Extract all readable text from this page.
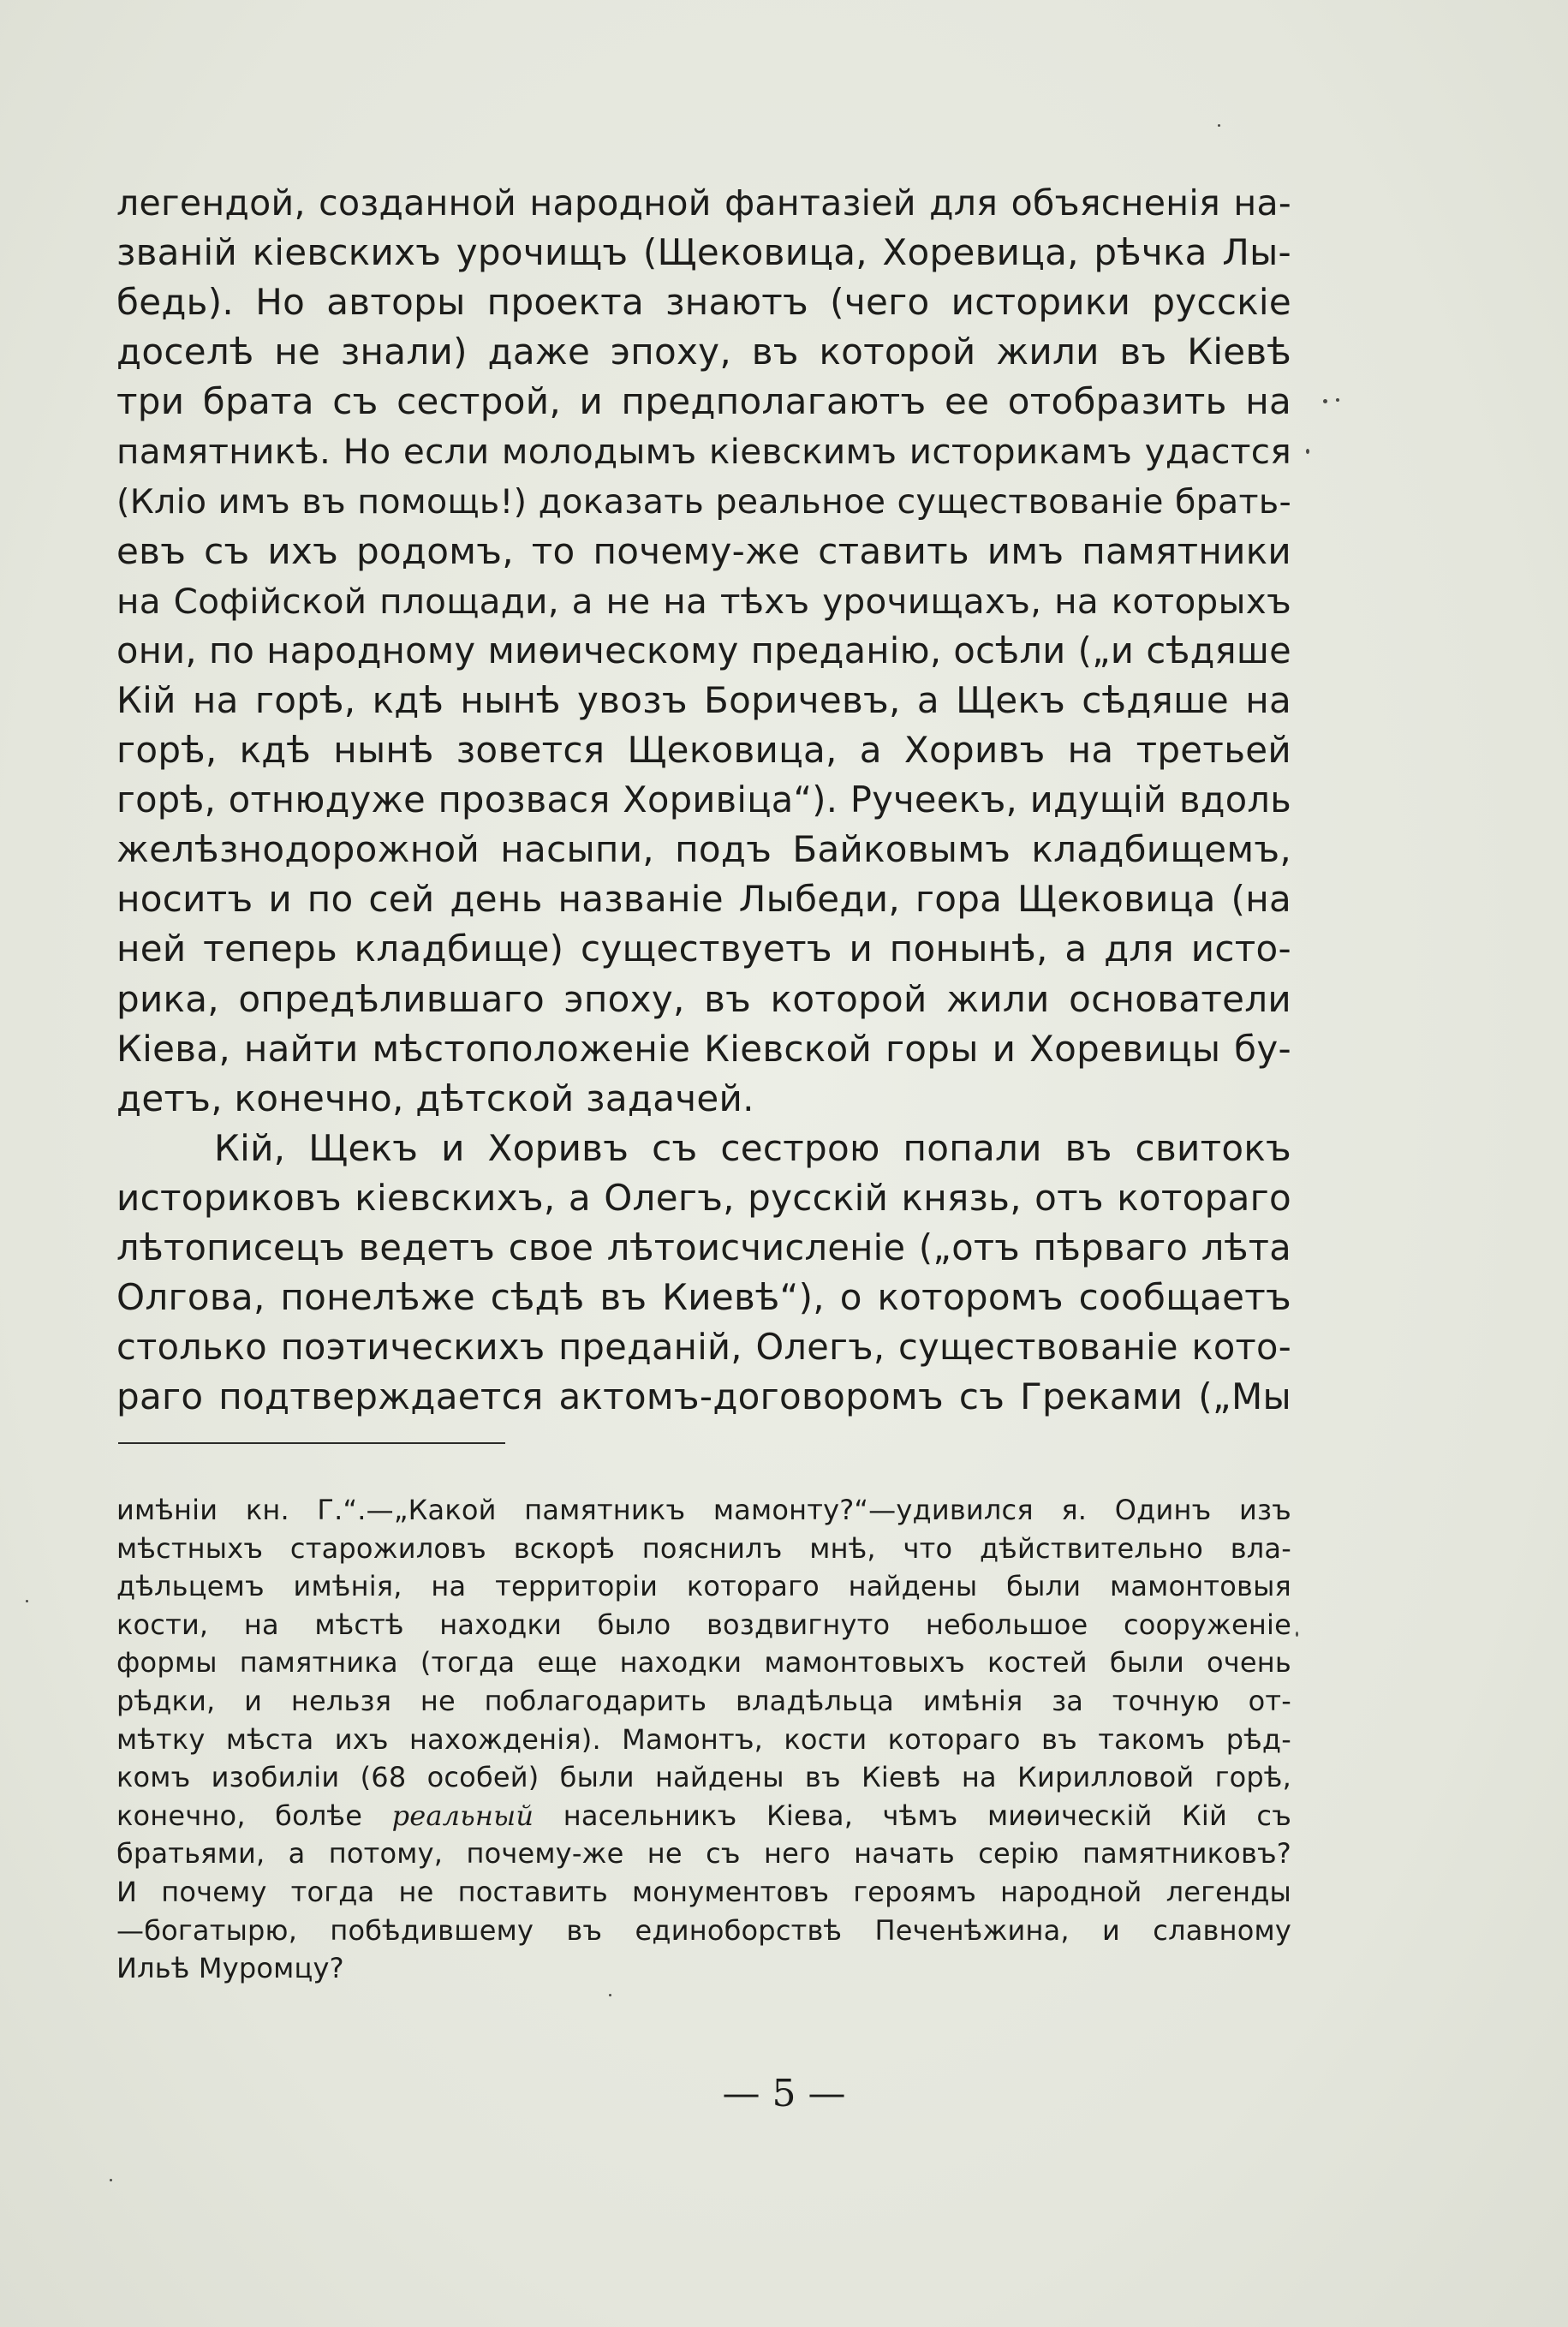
легендой, созданной народной фантазіей для объясненія на-
званій кіевскихъ урочищъ (Щековица, Хоревица, рѣчка Лы-
бедь). Но авторы проекта знаютъ (чего историки русскіе
доселѣ не знали) даже эпоху, въ которой жили въ Кіевѣ
три брата съ сестрой, и предполагаютъ ее отобразить на
памятникѣ. Но если молодымъ кіевскимъ историкамъ удастся
(Кліо имъ въ помощь!) доказать реальное существованіе брать-
евъ съ ихъ родомъ, то почему-же ставить имъ памятники
на Софійской площади, а не на тѣхъ урочищахъ, на которыхъ
они, по народному миѳическому преданію, осѣли („и сѣдяше
Кій на горѣ, кдѣ нынѣ увозъ Боричевъ, а Щекъ сѣдяше на
горѣ, кдѣ нынѣ зовется Щековица, а Хоривъ на третьей
горѣ, отнюдуже прозвася Хоривіца“). Ручеекъ, идущій вдоль
желѣзнодорожной насыпи, подъ Байковымъ кладбищемъ,
носитъ и по сей день названіе Лыбеди, гора Щековица (на
ней теперь кладбище) существуетъ и понынѣ, а для исто-
рика, опредѣлившаго эпоху, въ которой жили основатели
Кіева, найти мѣстоположеніе Кіевской горы и Хоревицы бу-
детъ, конечно, дѣтской задачей.
Кій, Щекъ и Хоривъ съ сестрою попали въ свитокъ
историковъ кіевскихъ, а Олегъ, русскій князь, отъ котораго
лѣтописецъ ведетъ свое лѣтоисчисленіе („отъ пѣрваго лѣта
Олгова, понелѣже сѣдѣ въ Киевѣ“), о которомъ сообщаетъ
столько поэтическихъ преданій, Олегъ, существованіе кото-
раго подтверждается актомъ-договоромъ съ Греками („Мы
имѣніи кн. Г.“.—„Какой памятникъ мамонту?“—удивился я. Одинъ изъ
мѣстныхъ старожиловъ вскорѣ пояснилъ мнѣ, что дѣйствительно вла-
дѣльцемъ имѣнія, на территоріи котораго найдены были мамонтовыя
кости, на мѣстѣ находки было воздвигнуто небольшое сооруженіе
формы памятника (тогда еще находки мамонтовыхъ костей были очень
рѣдки, и нельзя не поблагодарить владѣльца имѣнія за точную от-
мѣтку мѣста ихъ нахожденія). Мамонтъ, кости котораго въ такомъ рѣд-
комъ изобиліи (68 особей) были найдены въ Кіевѣ на Кирилловой горѣ,
конечно, болѣе реальный насельникъ Кіева, чѣмъ миѳическій Кій съ
братьями, а потому, почему-же не съ него начать серію памятниковъ?
И почему тогда не поставить монументовъ героямъ народной легенды
—богатырю, побѣдившему въ единоборствѣ Печенѣжина, и славному
Ильѣ Муромцу?
— 5 —
